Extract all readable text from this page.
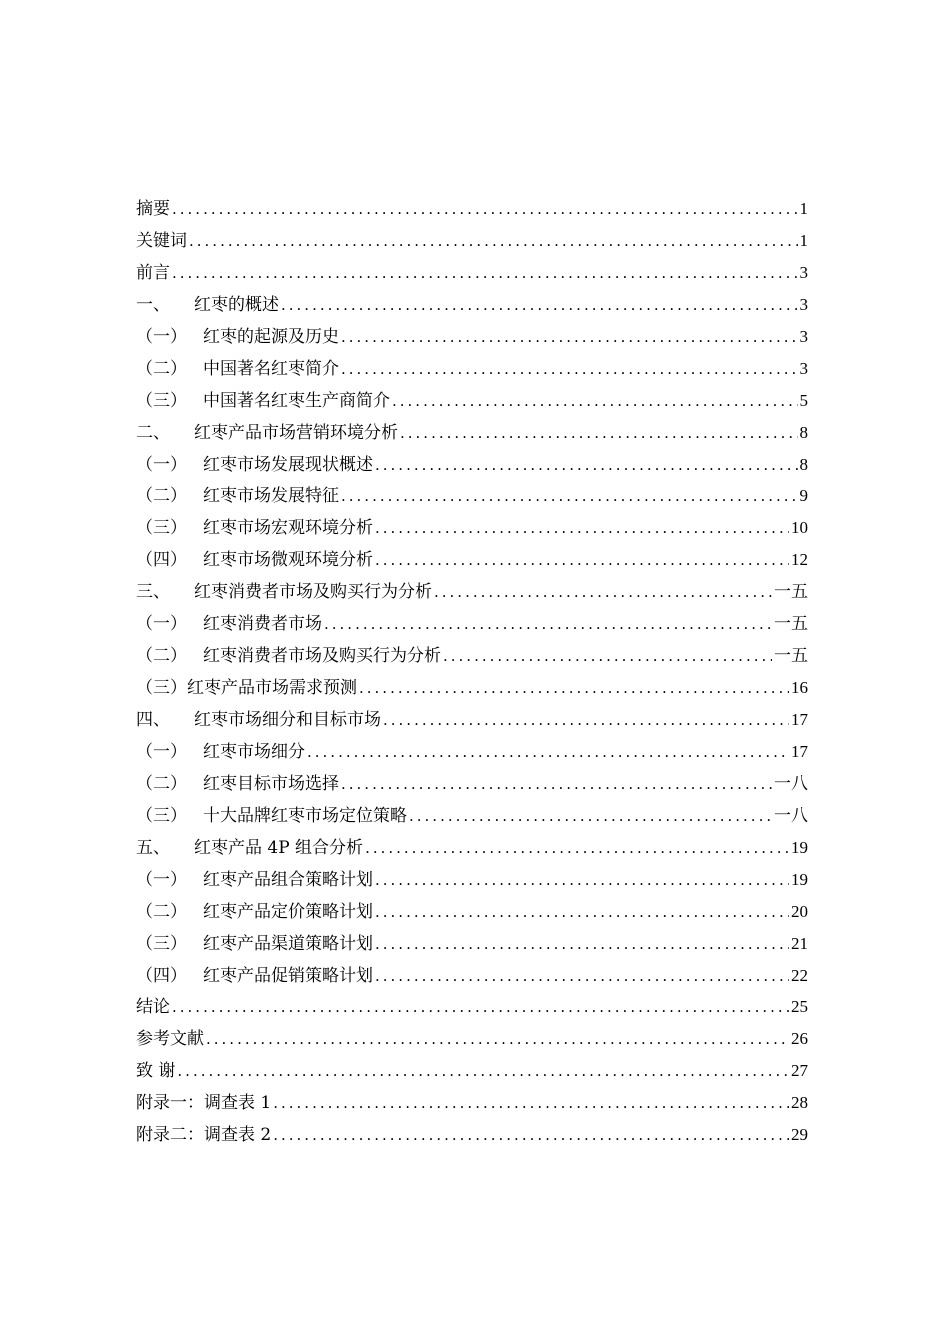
摘要 .....	1
关键词 .....	1
前言 .....	3
一、 红枣的概述 .....	3
（一） 红枣的起源及历史 .....	3
（二） 中国著名红枣简介 .....	3
（三） 中国著名红枣生产商简介 .....	5
二、 红枣产品市场营销环境分析 .....	8
（一） 红枣市场发展现状概述 .....	8
（二） 红枣市场发展特征 .....	9
（三） 红枣市场宏观环境分析 .....	10
（四） 红枣市场微观环境分析 .....	12
三、 红枣消费者市场及购买行为分析 .....	一五
（一） 红枣消费者市场 .....	一五
（二） 红枣消费者市场及购买行为分析 .....	一五
（三）红枣产品市场需求预测 .....	16
四、 红枣市场细分和目标市场 .....	17
（一） 红枣市场细分 .....	17
（二） 红枣目标市场选择 .....	一八
（三） 十大品牌红枣市场定位策略 .....	一八
五、 红枣产品 4P 组合分析 .....	19
（一） 红枣产品组合策略计划 .....	19
（二） 红枣产品定价策略计划 .....	20
（三） 红枣产品渠道策略计划 .....	21
（四） 红枣产品促销策略计划 .....	22
结论 .....	25
参考文献 .....	26
致 谢 .....	27
附录一：调查表 1 .....	28
附录二：调查表 2 .....	29
